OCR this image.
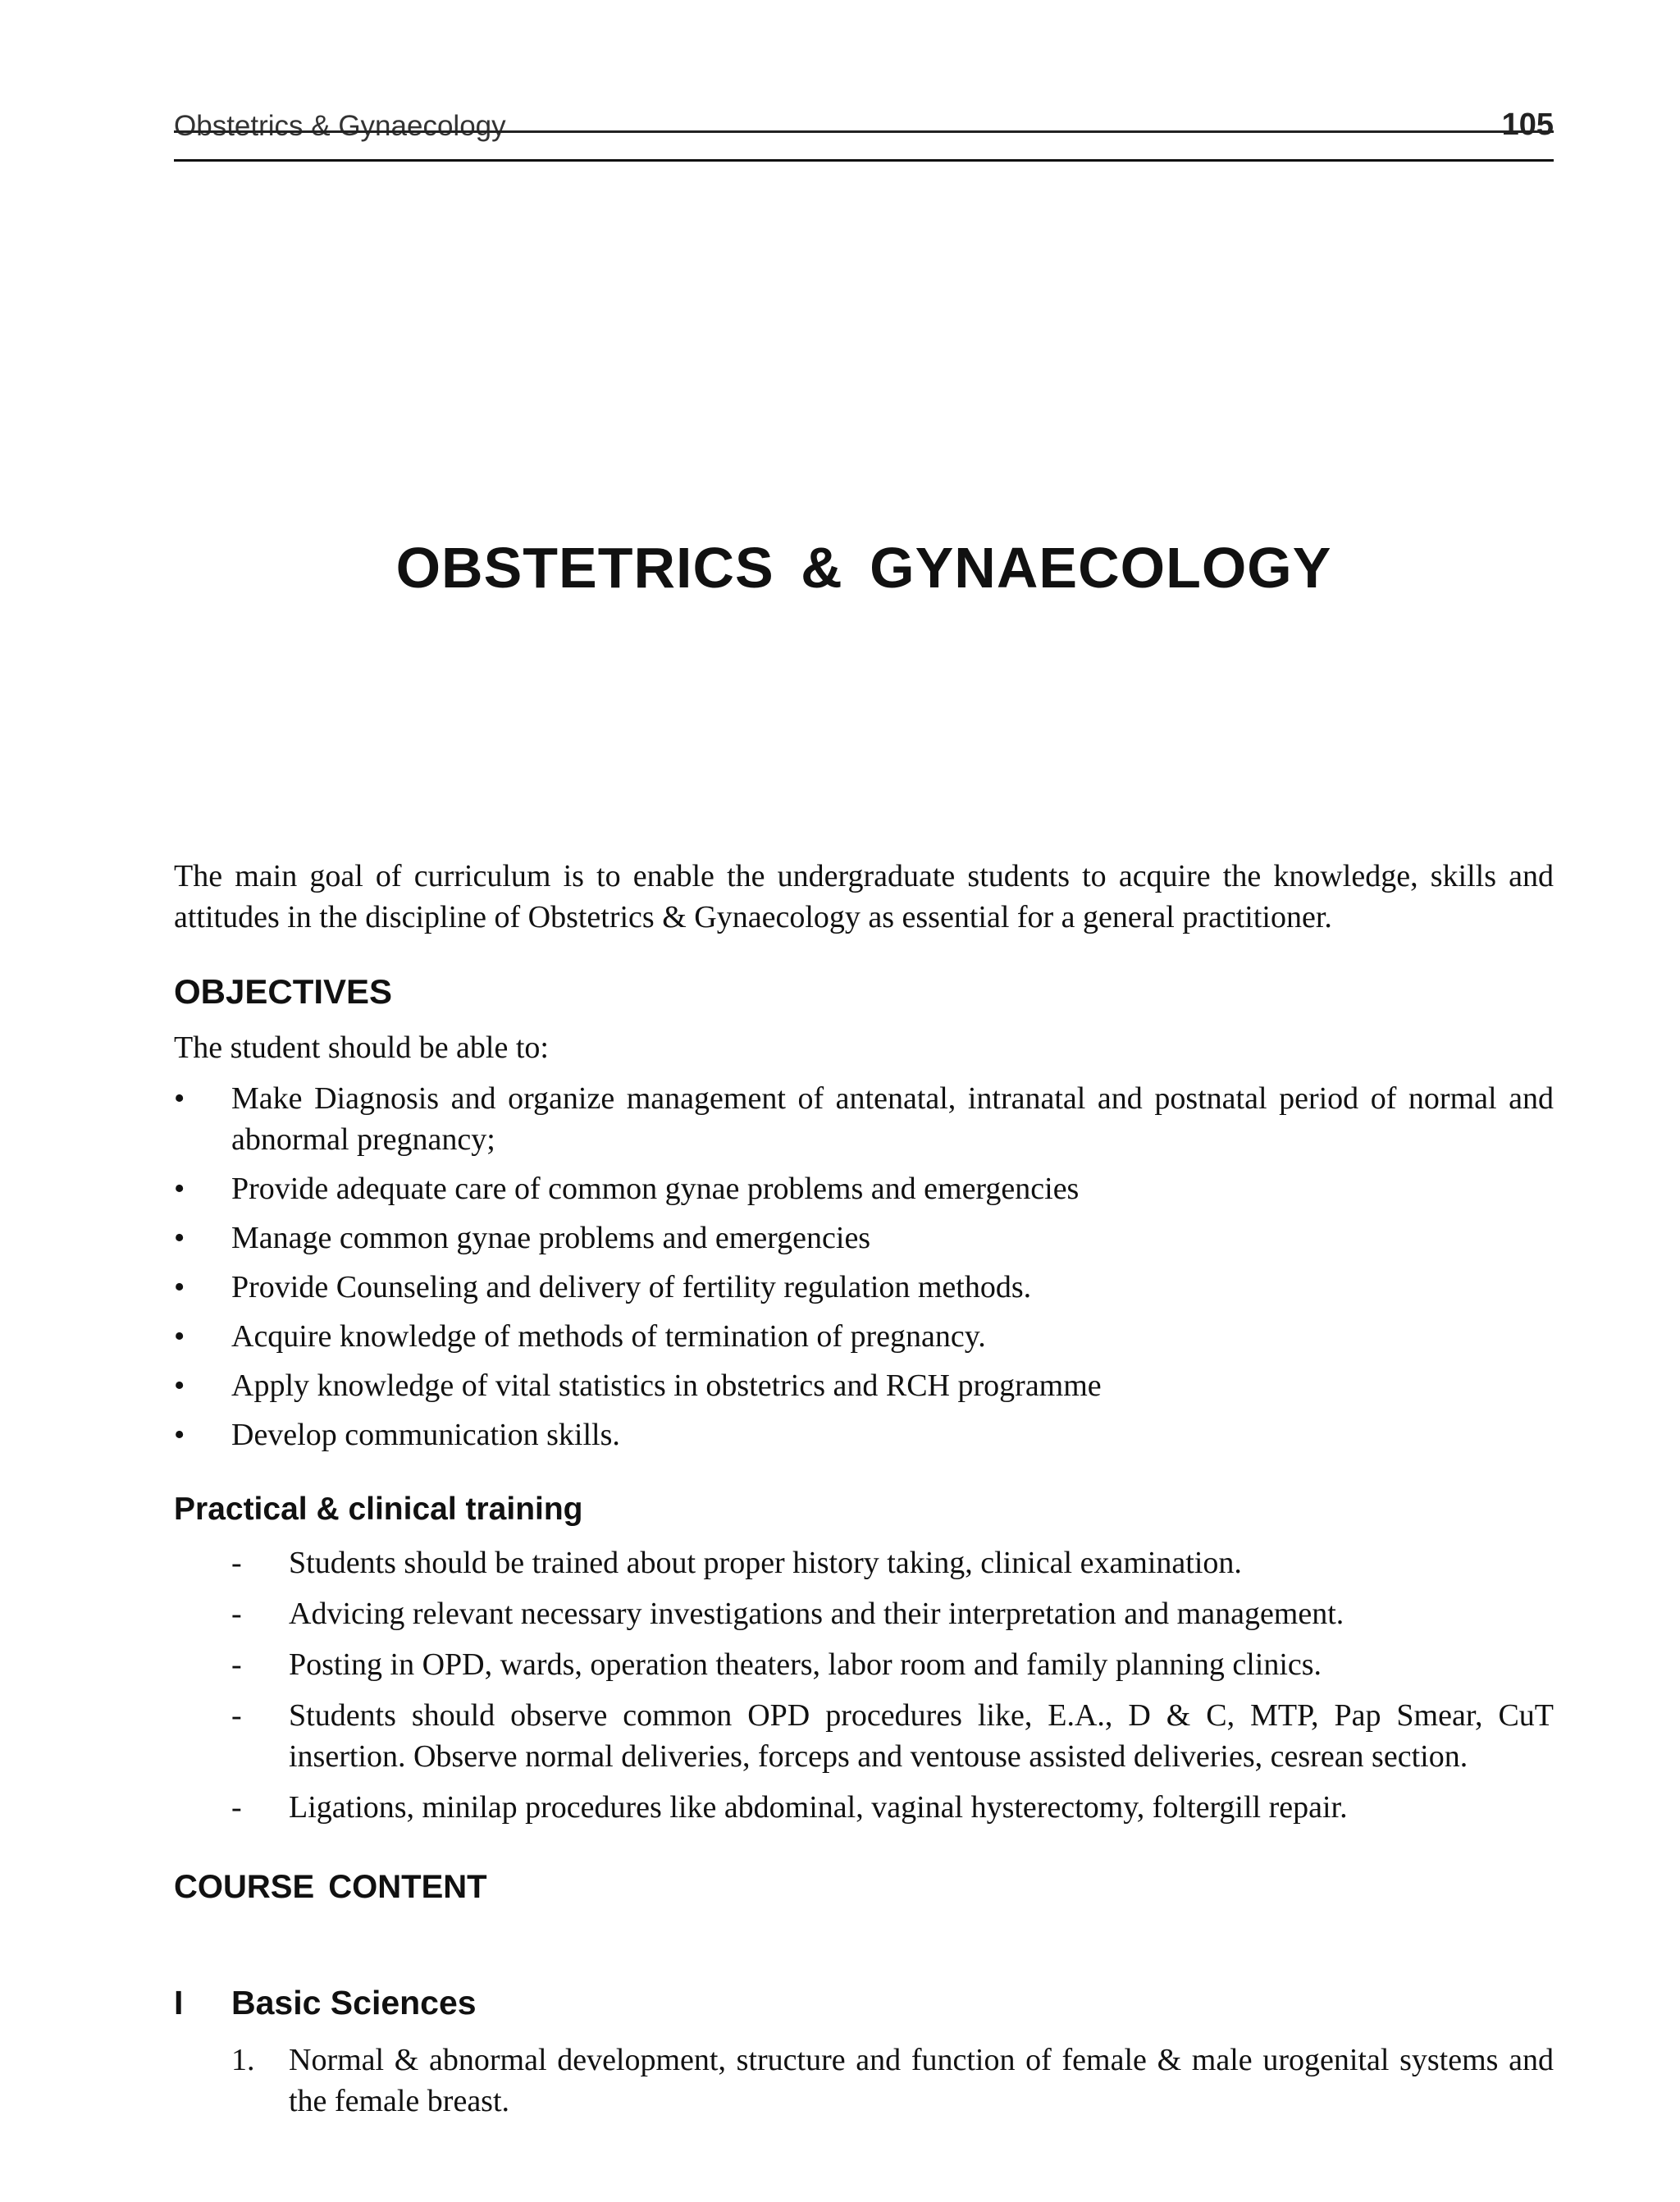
Obstetrics & Gynaecology	105
OBSTETRICS & GYNAECOLOGY

The main goal of curriculum is to enable the undergraduate students to acquire the knowledge, skills and attitudes in the discipline of Obstetrics & Gynaecology as essential for a general practitioner.

OBJECTIVES

The student should be able to:

• Make Diagnosis and organize management of antenatal, intranatal and postnatal period of normal and abnormal pregnancy;
• Provide adequate care of common gynae problems and emergencies
• Manage common gynae problems and emergencies
• Provide Counseling and delivery of fertility regulation methods.
• Acquire knowledge of methods of termination of pregnancy.
• Apply knowledge of vital statistics in obstetrics and RCH programme
• Develop communication skills.
Practical & clinical training
- Students should be trained about proper history taking, clinical examination.
- Advicing relevant necessary investigations and their interpretation and management.
- Posting in OPD, wards, operation theaters, labor room and family planning clinics.
- Students should observe common OPD procedures like, E.A., D & C, MTP, Pap Smear, CuT insertion. Observe normal deliveries, forceps and ventouse assisted deliveries, cesrean section.
- Ligations, minilap procedures like abdominal, vaginal hysterectomy, foltergill repair.
COURSE CONTENT
I Basic Sciences
1. Normal & abnormal development, structure and function of female & male urogenital systems and the female breast.
